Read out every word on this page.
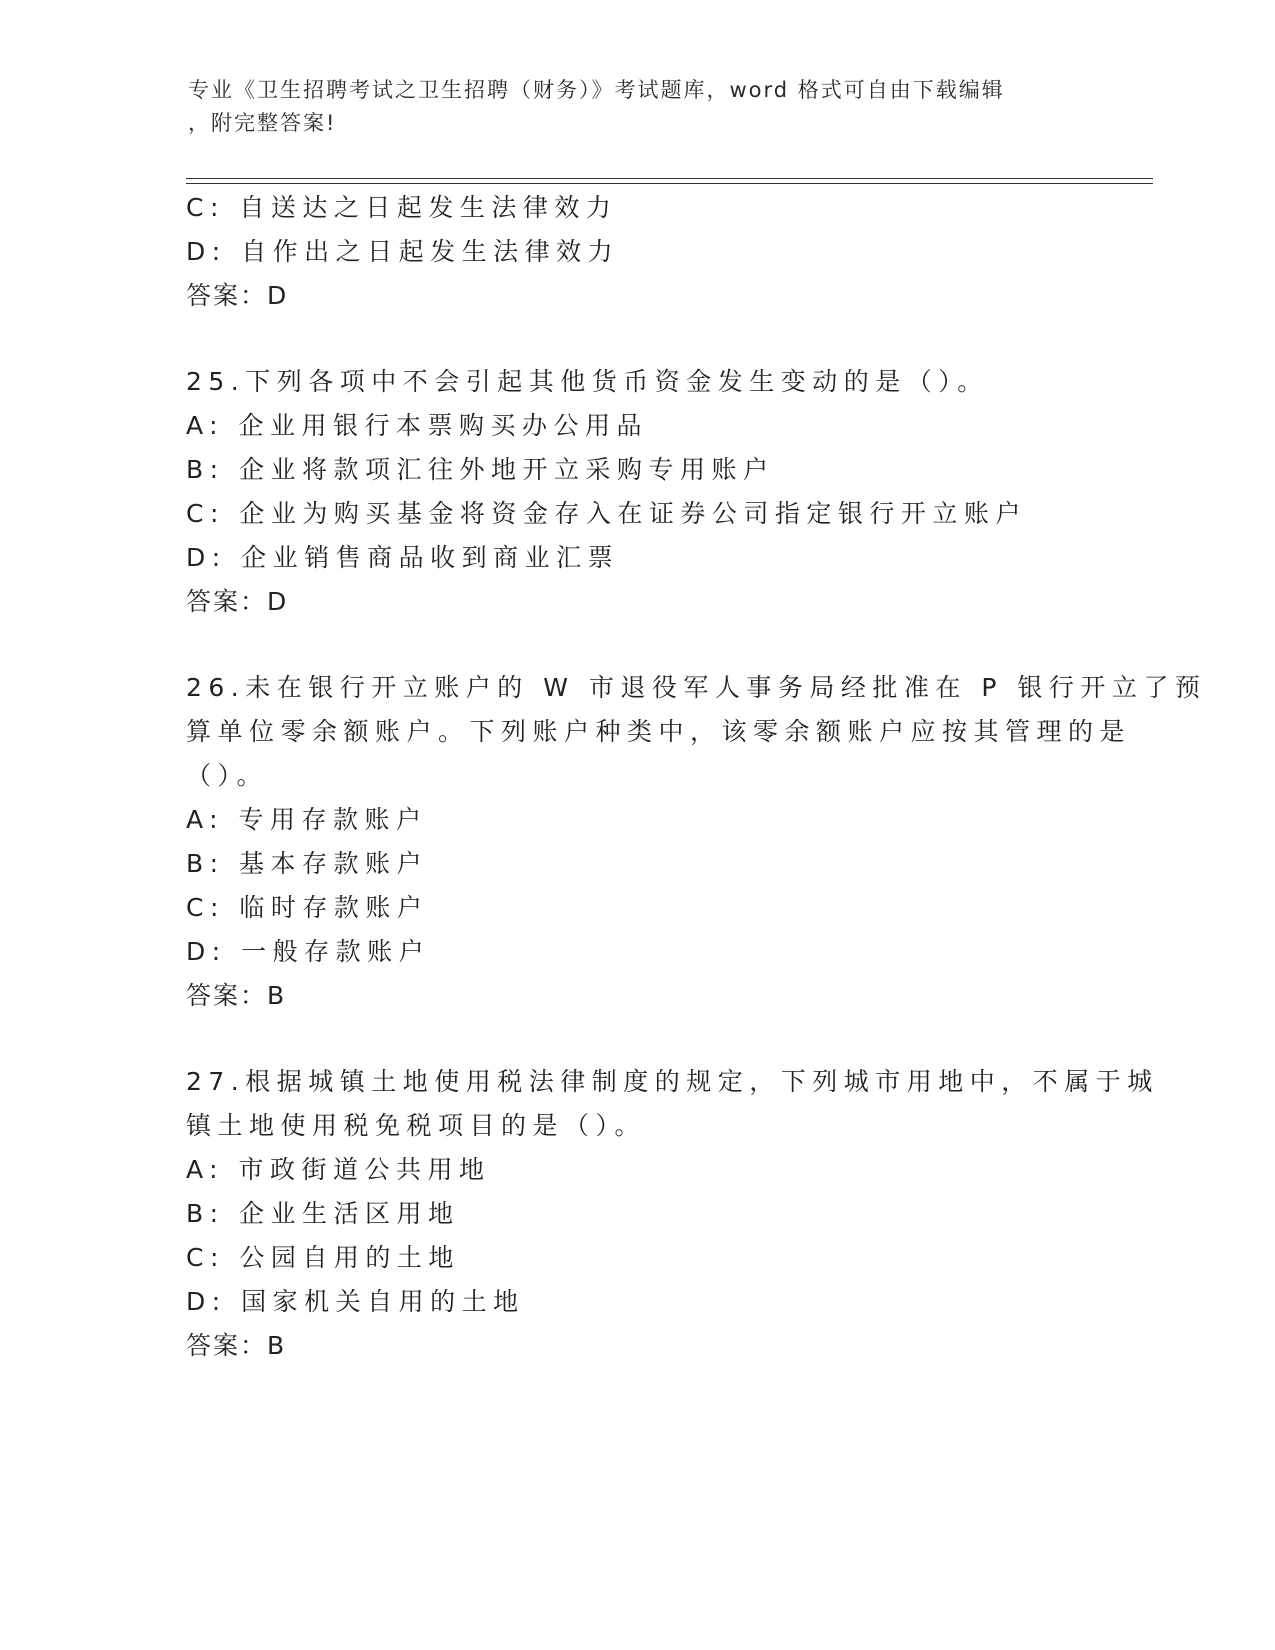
专业《卫生招聘考试之卫生招聘（财务）》考试题库，word 格式可自由下载编辑
，附完整答案!
C: 自送达之日起发生法律效力
D: 自作出之日起发生法律效力
答案：D
25.下列各项中不会引起其他货币资金发生变动的是（）。
A: 企业用银行本票购买办公用品
B: 企业将款项汇往外地开立采购专用账户
C: 企业为购买基金将资金存入在证券公司指定银行开立账户
D: 企业销售商品收到商业汇票
答案：D
26.未在银行开立账户的 W 市退役军人事务局经批准在 P 银行开立了预
算单位零余额账户。下列账户种类中，该零余额账户应按其管理的是
（）。
A: 专用存款账户
B: 基本存款账户
C: 临时存款账户
D: 一般存款账户
答案：B
27.根据城镇土地使用税法律制度的规定，下列城市用地中，不属于城
镇土地使用税免税项目的是（）。
A: 市政街道公共用地
B: 企业生活区用地
C: 公园自用的土地
D: 国家机关自用的土地
答案：B
